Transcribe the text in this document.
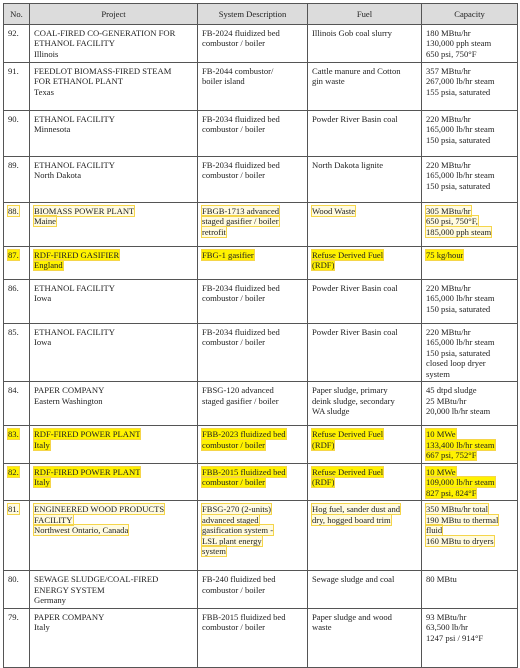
No.	Project	System Description	Fuel	Capacity

92.	COAL-FIRED CO-GENERATION FOR
ETHANOL FACILITY
Illinois	FB-2024 fluidized bed
combustor / boiler	Illinois Gob coal slurry	180 MBtu/hr
130,000 pph steam
650 psi, 750°F

91.	FEEDLOT BIOMASS-FIRED STEAM
FOR ETHANOL PLANT
Texas	FB-2044 combustor/
boiler island	Cattle manure and Cotton
gin waste	357 MBtu/hr
267,000 lb/hr steam
155 psia, saturated

90.	ETHANOL FACILITY
Minnesota	FB-2034 fluidized bed
combustor / boiler	Powder River Basin coal	220 MBtu/hr
165,000 lb/hr steam
150 psia, saturated

89.	ETHANOL FACILITY
North Dakota	FB-2034 fluidized bed
combustor / boiler	North Dakota lignite	220 MBtu/hr
165,000 lb/hr steam
150 psia, saturated

88.	BIOMASS POWER PLANT
Maine	FBGB-1713 advanced
staged gasifier / boiler
retrofit	Wood Waste	305 MBtu/hr
650 psi, 750°F,
185,000 pph steam

87.	RDF-FIRED GASIFIER
England	FBG-1 gasifier	Refuse Derived Fuel
(RDF)	75 kg/hour

86.	ETHANOL FACILITY
Iowa	FB-2034 fluidized bed
combustor / boiler	Powder River Basin coal	220 MBtu/hr
165,000 lb/hr steam
150 psia, saturated

85.	ETHANOL FACILITY
Iowa	FB-2034 fluidized bed
combustor / boiler	Powder River Basin coal	220 MBtu/hr
165,000 lb/hr steam
150 psia, saturated
closed loop dryer
system

84.	PAPER COMPANY
Eastern Washington	FBSG-120 advanced
staged gasifier / boiler	Paper sludge, primary
deink sludge, secondary
WA sludge	45 dtpd sludge
25 MBtu/hr
20,000 lb/hr steam

83.	RDF-FIRED POWER PLANT
Italy	FBB-2023 fluidized bed
combustor / boiler	Refuse Derived Fuel
(RDF)	10 MWe
133,400 lb/hr steam
667 psi, 752°F

82.	RDF-FIRED POWER PLANT
Italy	FBB-2015 fluidized bed
combustor / boiler	Refuse Derived Fuel
(RDF)	10 MWe
109,000 lb/hr steam
827 psi, 824°F

81.	ENGINEERED WOOD PRODUCTS
FACILITY
Northwest Ontario, Canada	FBSG-270 (2-units)
advanced staged
gasification system -
LSL plant energy
system	Hog fuel, sander dust and
dry, hogged board trim	350 MBtu/hr total
190 MBtu to thermal
fluid
160 MBtu to dryers

80.	SEWAGE SLUDGE/COAL-FIRED
ENERGY SYSTEM
Germany	FB-240 fluidized bed
combustor / boiler	Sewage sludge and coal	80 MBtu

79.	PAPER COMPANY
Italy	FBB-2015 fluidized bed
combustor / boiler	Paper sludge and wood
waste	93 MBtu/hr
63,500 lb/hr
1247 psi / 914°F
